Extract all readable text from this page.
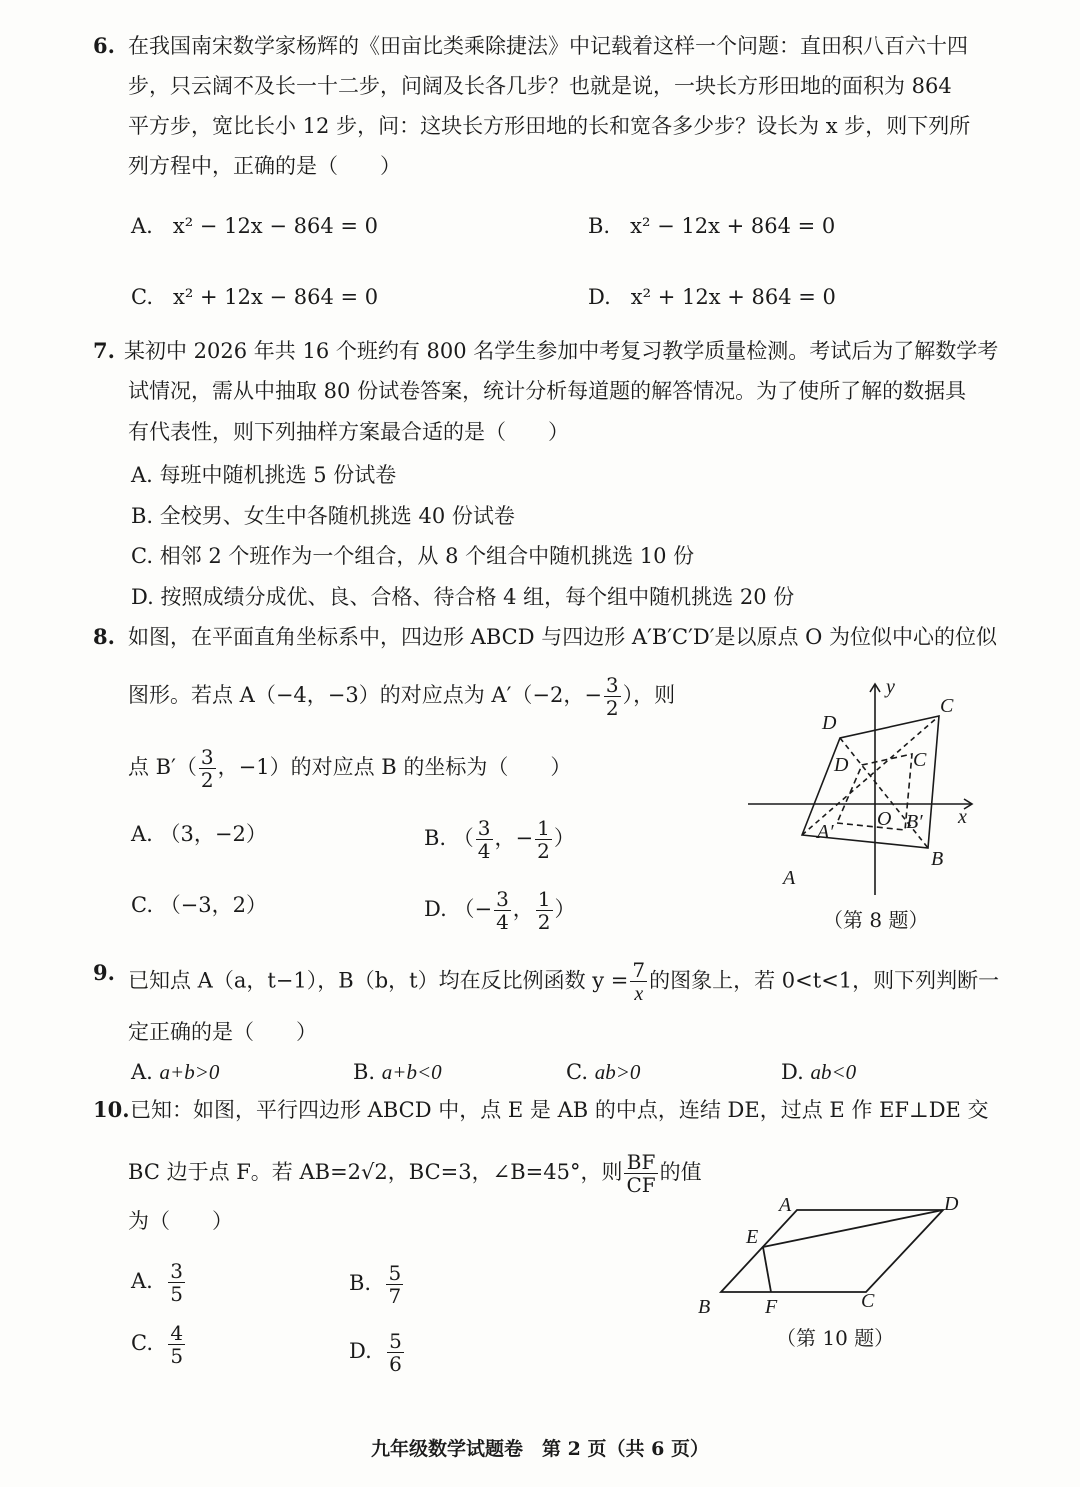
6. 在我国南宋数学家杨辉的《田亩比类乘除捷法》中记载着这样一个问题：直田积八百六十四
步，只云阔不及长一十二步，问阔及长各几步？也就是说，一块长方形田地的面积为 864
平方步，宽比长小 12 步，问：这块长方形田地的长和宽各多少步？设长为 x 步，则下列所
列方程中，正确的是（　　）
A. x² − 12x − 864 = 0	B. x² − 12x + 864 = 0
C. x² + 12x − 864 = 0	D. x² + 12x + 864 = 0
7. 某初中 2026 年共 16 个班约有 800 名学生参加中考复习教学质量检测。考试后为了解数学考
试情况，需从中抽取 80 份试卷答案，统计分析每道题的解答情况。为了使所了解的数据具
有代表性，则下列抽样方案最合适的是（　　）
A. 每班中随机挑选 5 份试卷
B. 全校男、女生中各随机挑选 40 份试卷
C. 相邻 2 个班作为一个组合，从 8 个组合中随机挑选 10 份
D. 按照成绩分成优、良、合格、待合格 4 组，每个组中随机挑选 20 份
8. 如图，在平面直角坐标系中，四边形 ABCD 与四边形 A′B′C′D′是以原点 O 为位似中心的位似
图形。若点 A（−4，−3）的对应点为 A′（−2，− $\frac{3}{2}$ ），则
点 $B'( \frac{3}{2}$ ，−1）的对应点 B 的坐标为（　　）
A. （3，−2）	B. （ $\frac{3}{4}$ ，− $\frac{1}{2}$ ）
C. （−3，2）	D. （− $\frac{3}{4}$ ， $\frac{1}{2}$ ）
y
x
C
D
D	C
A′
O B′
B
A
（第 8 题）
9. 已知点 A（a，t−1），B（b，t）均在反比例函数 $y = \frac{7}{x}$的图象上，若 0<t<1，则下列判断一
定正确的是（　　）
A. a+b>0	B. a+b<0	C. ab>0	D. ab<0
10. 已知：如图，平行四边形 ABCD 中，点 E 是 AB 的中点，连结 DE，过点 E 作 EF⊥DE 交
BC 边于点 F。若 AB=2√2，BC=3，∠B=45°，则 $\frac{BF}{CF}$ 的值
为（　　）
A. $\frac{3}{5}$	B. $\frac{5}{7}$
C. $\frac{4}{5}$	D. $\frac{5}{6}$
A	D
E
B	F	C
（第 10 题）
九年级数学试题卷　第 2 页（共 6 页）
